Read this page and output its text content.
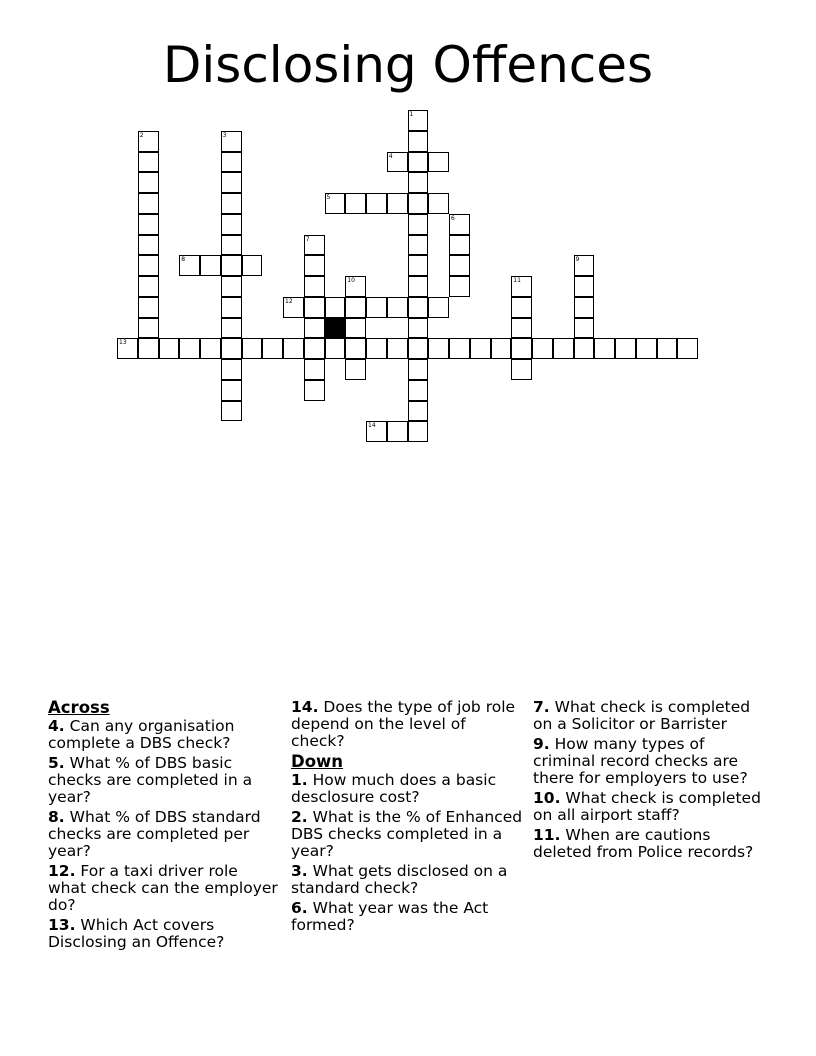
Disclosing Offences
1
2	3
4
5
6
7
8	9
10	11
12
13
14
Across
4. Can any organisation complete a DBS check?
5. What % of DBS basic checks are completed in a year?
8. What % of DBS standard checks are completed per year?
12. For a taxi driver role what check can the employer do?
13. Which Act covers Disclosing an Offence?
14. Does the type of job role depend on the level of check?
Down
1. How much does a basic desclosure cost?
2. What is the % of Enhanced DBS checks completed in a year?
3. What gets disclosed on a standard check?
6. What year was the Act formed?
7. What check is completed on a Solicitor or Barrister
9. How many types of criminal record checks are there for employers to use?
10. What check is completed on all airport staff?
11. When are cautions deleted from Police records?
